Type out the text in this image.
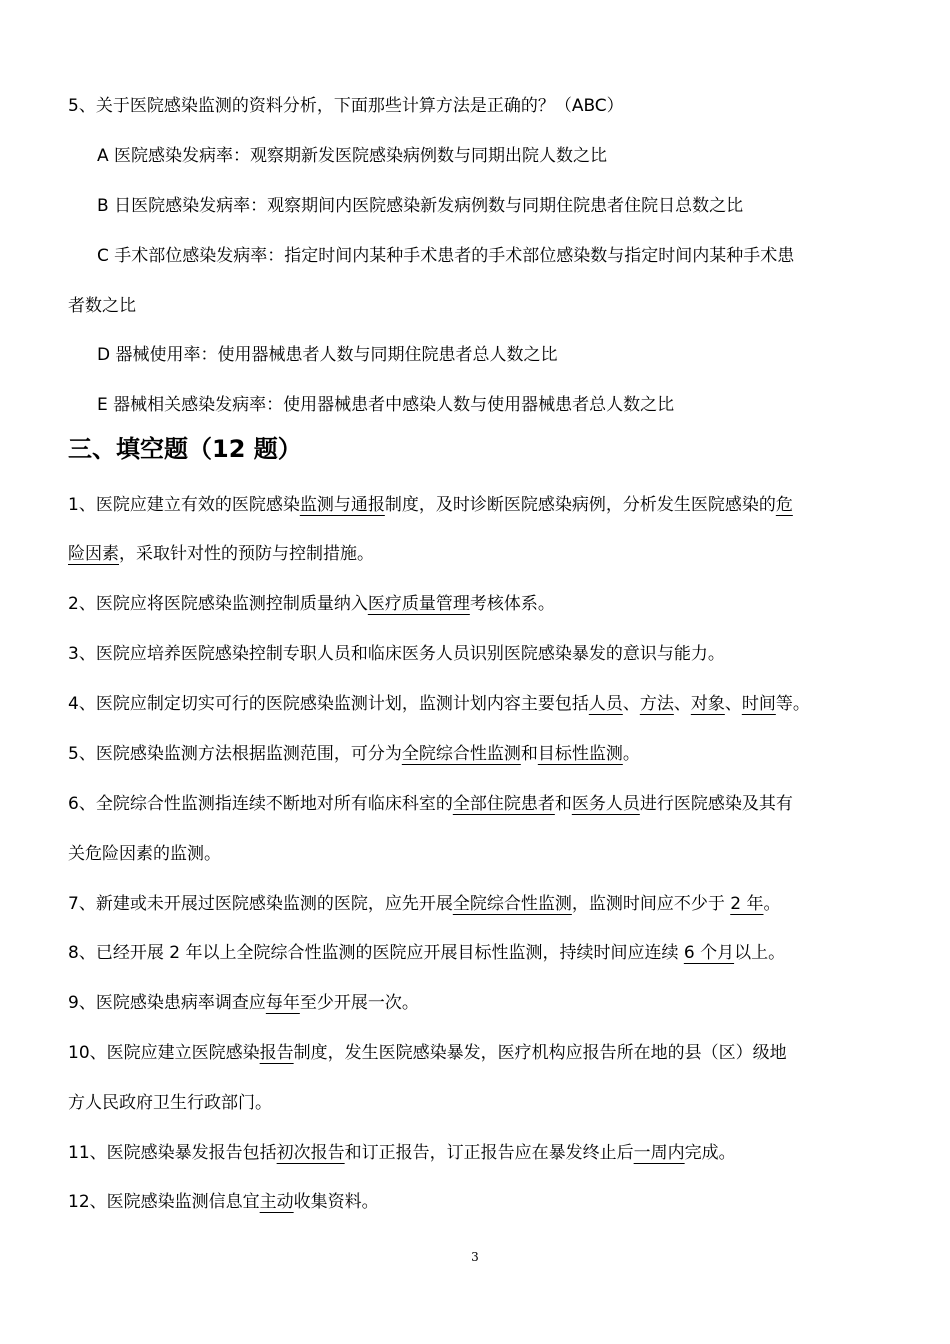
5、关于医院感染监测的资料分析，下面那些计算方法是正确的？（ABC）
A 医院感染发病率：观察期新发医院感染病例数与同期出院人数之比
B 日医院感染发病率：观察期间内医院感染新发病例数与同期住院患者住院日总数之比
C 手术部位感染发病率：指定时间内某种手术患者的手术部位感染数与指定时间内某种手术患
者数之比
D 器械使用率：使用器械患者人数与同期住院患者总人数之比
E 器械相关感染发病率：使用器械患者中感染人数与使用器械患者总人数之比
三、填空题（12 题）
1、医院应建立有效的医院感染监测与通报制度，及时诊断医院感染病例，分析发生医院感染的危
险因素，采取针对性的预防与控制措施。
2、医院应将医院感染监测控制质量纳入医疗质量管理考核体系。
3、医院应培养医院感染控制专职人员和临床医务人员识别医院感染暴发的意识与能力。
4、医院应制定切实可行的医院感染监测计划，监测计划内容主要包括人员、方法、对象、时间等。
5、医院感染监测方法根据监测范围，可分为全院综合性监测和目标性监测。
6、全院综合性监测指连续不断地对所有临床科室的全部住院患者和医务人员进行医院感染及其有
关危险因素的监测。
7、新建或未开展过医院感染监测的医院，应先开展全院综合性监测，监测时间应不少于 2 年。
8、已经开展 2 年以上全院综合性监测的医院应开展目标性监测，持续时间应连续 6 个月以上。
9、医院感染患病率调查应每年至少开展一次。
10、医院应建立医院感染报告制度，发生医院感染暴发，医疗机构应报告所在地的县（区）级地
方人民政府卫生行政部门。
11、医院感染暴发报告包括初次报告和订正报告，订正报告应在暴发终止后一周内完成。
12、医院感染监测信息宜主动收集资料。
3
